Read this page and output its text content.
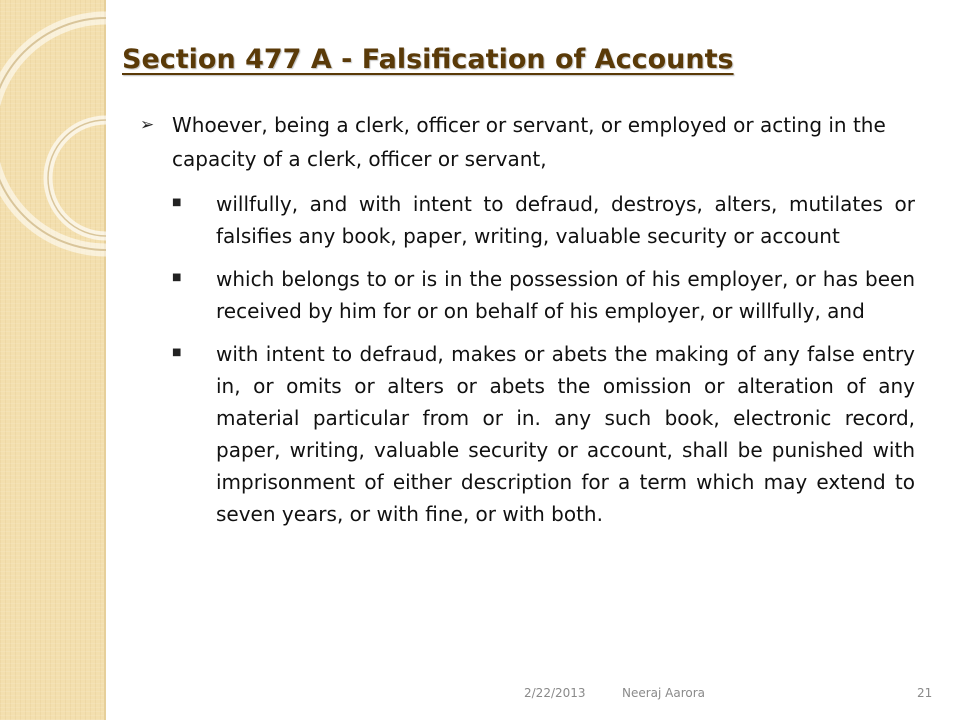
Section 477 A - Falsification of Accounts
➢ Whoever, being a clerk, officer or servant, or employed or acting in the capacity of a clerk, officer or servant,
■ willfully, and with intent to defraud, destroys, alters, mutilates or falsifies any book, paper, writing, valuable security or account
■ which belongs to or is in the possession of his employer, or has been received by him for or on behalf of his employer, or willfully, and
■ with intent to defraud, makes or abets the making of any false entry in, or omits or alters or abets the omission or alteration of any material particular from or in. any such book, electronic record, paper, writing, valuable security or account, shall be punished with imprisonment of either description for a term which may extend to seven years, or with fine, or with both.
2/22/2013	Neeraj Aarora	21
